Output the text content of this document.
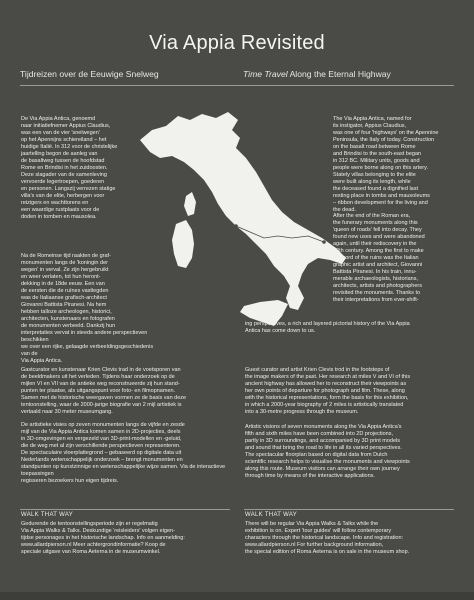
Via Appia Revisited
Tijdreizen over de Eeuwige Snelweg	Time Travel Along the Eternal Highway
De Via Appia Antica, genoemd
naar initiatiefnemer Appius Claudius,
was een van de vier 'snelwegen'
op het Apennijns schiereiland – het
huidige Italië. In 312 voor de christelijke
jaartelling begon de aanleg van
de basaltweg tussen de hoofdstad
Rome en Brindisi in het zuidoosten.
Deze slagader van de samenleving
vervoerde legertroepen, goederen
en personen. Langszij verrezen statige
villa's van de elite, herbergen voor
reizigers en wachttorens en
een waardige rustplaats voor de
doden in tomben en mausolea.
Na de Romeinse tijd raakten de graf-
monumenten langs de 'koningin der
wegen' in verval. Ze zijn hergebruikt
en weer verlaten, tot hun heront-
dekking in de 18de eeuw. Een van
de eersten die de ruïnes vastlegden
was de Italiaanse grafisch-architect
Giovanni Battista Piranesi. Na hem
hebben talloze archeologen, historici,
architecten, kunstenaars en fotografen
de monumenten verbeeld. Dankzij hun
interpretaties vervat in steeds andere perspectieven beschikken
we over een rijke, gelaagde verbeeldingsgeschiedenis van de
Via Appia Antica.
Gastcurator en kunstenaar Krien Clevis trad in de voetsporen van
de beeldmakers uit het verleden. Tijdens haar onderzoek op de
mijlen VI en VII van de antieke weg reconstrueerde zij hun stand-
punten ter plaatse, als uitgangspunt voor foto- en filmopnamen.
Samen met de historische weergaven vormen ze de basis van deze
tentoonstelling, waar de 2000-jarige biografie van 2 mijl artistiek is
vertaald naar 30 meter museumgang.
De artistieke visies op zeven monumenten langs de vijfde en zesde
mijl van de Via Appia Antica komen samen in 2D-projecties, deels
in 3D-omgevingen en vergezeld van 3D-print-modellen en -geluid,
die de weg met al zijn verschillende perspectieven representeren.
De spectaculaire vloerplattegrond – gebaseerd op digitale data uit
Nederlands wetenschappelijk onderzoek – brengt monumenten en
standpunten op kunstzinnige en wetenschappelijke wijze samen. Via de interactieve toepassingen
regisseren bezoekers hun eigen tijdreis.
The Via Appia Antica, named for
its instigator, Appius Claudius,
was one of four 'highways' on the Apennine
Peninsula, the Italy of today. Construction
on the basalt road between Rome
and Brindisi to the south-east began
in 312 BC. Military units, goods and
people were borne along on this artery.
Stately villas belonging to the elite
were built along its length, while
the deceased found a dignified last
resting place in tombs and mausoleums
– ribbon development for the living and
the dead.
After the end of the Roman era,
the funerary monuments along this
'queen of roads' fell into decay. They
found new uses and were abandoned
again, until their rediscovery in the
18th century. Among the first to make
a record of the ruins was the Italian
graphic artist and architect, Giovanni
Battista Piranesi. In his train, innu-
merable archaeologists, historians,
architects, artists and photographers
revisited the monuments. Thanks to
their interpretations from ever-shift-
ing perspectives, a rich and layered pictorial history of the Via Appia
Antica has come down to us.
Guest curator and artist Krien Clevis trod in the footsteps of
the image makers of the past. Her research at miles V and VI of this
ancient highway has allowed her to reconstruct their viewpoints as
her own points of departure for photograph and film. These, along
with the historical representations, form the basis for this exhibition,
in which a 2000-year biography of 2 miles is artistically translated
into a 30-metre progress through the museum.
Artistic visions of seven monuments along the Via Appia Antica's
fifth and sixth miles have been combined into 2D projections,
partly in 3D surroundings, and accompanied by 3D print models
and sound that bring the road to life in all its varied perspectives.
The spectacular floorplan based on digital data from Dutch
scientific research helps to visualise the monuments and viewpoints
along this route. Museum visitors can arrange their own journey
through time by means of the interactive applications.
WALK THAT WAY	WALK THAT WAY
Gedurende de tentoonstellingsperiode zijn er regelmatig
Via Appia Walks & Talks. Deskundige 'reisleiders' volgen eigen-
tijdse personages in het historische landschap. Info en aanmelding:
www.allardpierson.nl Meer achtergrondinformatie? Koop de
speciale uitgave van Roma Aeterna in de museumwinkel.
There will be regular Via Appia Walks & Talks while the
exhibition is on. Expert 'tour guides' will follow contemporary
characters through the historical landscape. Info and registration:
www.allardpierson.nl For further background information,
the special edition of Roma Aeterna is on sale in the museum shop.
